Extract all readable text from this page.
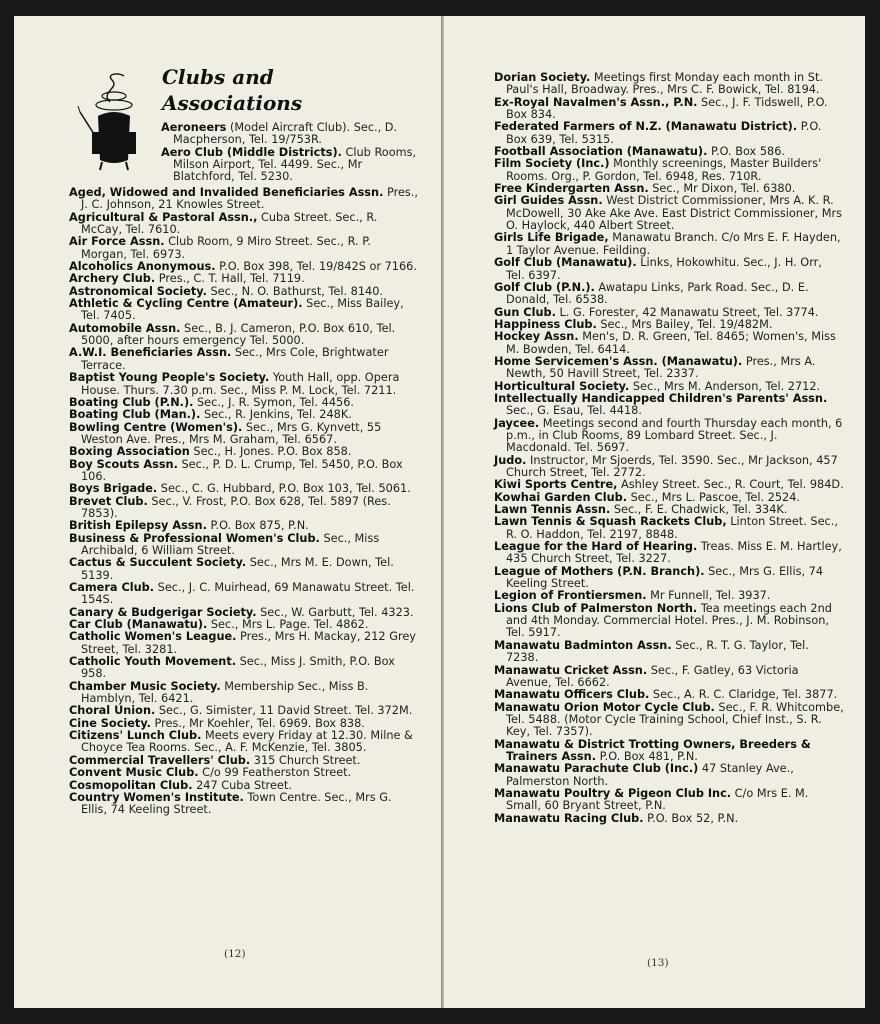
Clubs and
Associations
Aeroneers (Model Aircraft Club). Sec., D. Macpherson, Tel. 19/753R.
Aero Club (Middle Districts). Club Rooms, Milson Airport, Tel. 4499. Sec., Mr Blatchford, Tel. 5230.
Aged, Widowed and Invalided Beneficiaries Assn. Pres., J. C. Johnson, 21 Knowles Street.
Agricultural & Pastoral Assn., Cuba Street. Sec., R. McCay, Tel. 7610.
Air Force Assn. Club Room, 9 Miro Street. Sec., R. P. Morgan, Tel. 6973.
Alcoholics Anonymous. P.O. Box 398, Tel. 19/842S or 7166.
Archery Club. Pres., C. T. Hall, Tel. 7119.
Astronomical Society. Sec., N. O. Bathurst, Tel. 8140.
Athletic & Cycling Centre (Amateur). Sec., Miss Bailey, Tel. 7405.
Automobile Assn. Sec., B. J. Cameron, P.O. Box 610, Tel. 5000, after hours emergency Tel. 5000.
A.W.I. Beneficiaries Assn. Sec., Mrs Cole, Brightwater Terrace.
Baptist Young People's Society. Youth Hall, opp. Opera House. Thurs. 7.30 p.m. Sec., Miss P. M. Lock, Tel. 7211.
Boating Club (P.N.). Sec., J. R. Symon, Tel. 4456.
Boating Club (Man.). Sec., R. Jenkins, Tel. 248K.
Bowling Centre (Women's). Sec., Mrs G. Kynvett, 55 Weston Ave. Pres., Mrs M. Graham, Tel. 6567.
Boxing Association Sec., H. Jones. P.O. Box 858.
Boy Scouts Assn. Sec., P. D. L. Crump, Tel. 5450, P.O. Box 106.
Boys Brigade. Sec., C. G. Hubbard, P.O. Box 103, Tel. 5061.
Brevet Club. Sec., V. Frost, P.O. Box 628, Tel. 5897 (Res. 7853).
British Epilepsy Assn. P.O. Box 875, P.N.
Business & Professional Women's Club. Sec., Miss Archibald, 6 William Street.
Cactus & Succulent Society. Sec., Mrs M. E. Down, Tel. 5139.
Camera Club. Sec., J. C. Muirhead, 69 Manawatu Street. Tel. 154S.
Canary & Budgerigar Society. Sec., W. Garbutt, Tel. 4323.
Car Club (Manawatu). Sec., Mrs L. Page. Tel. 4862.
Catholic Women's League. Pres., Mrs H. Mackay, 212 Grey Street, Tel. 3281.
Catholic Youth Movement. Sec., Miss J. Smith, P.O. Box 958.
Chamber Music Society. Membership Sec., Miss B. Hamblyn, Tel. 6421.
Choral Union. Sec., G. Simister, 11 David Street. Tel. 372M.
Cine Society. Pres., Mr Koehler, Tel. 6969. Box 838.
Citizens' Lunch Club. Meets every Friday at 12.30. Milne & Choyce Tea Rooms. Sec., A. F. McKenzie, Tel. 3805.
Commercial Travellers' Club. 315 Church Street.
Convent Music Club. C/o 99 Featherston Street.
Cosmopolitan Club. 247 Cuba Street.
Country Women's Institute. Town Centre. Sec., Mrs G. Ellis, 74 Keeling Street.
(12)
Dorian Society. Meetings first Monday each month in St. Paul's Hall, Broadway. Pres., Mrs C. F. Bowick, Tel. 8194.
Ex-Royal Navalmen's Assn., P.N. Sec., J. F. Tidswell, P.O. Box 834.
Federated Farmers of N.Z. (Manawatu District). P.O. Box 639, Tel. 5315.
Football Association (Manawatu). P.O. Box 586.
Film Society (Inc.) Monthly screenings, Master Builders' Rooms. Org., P. Gordon, Tel. 6948, Res. 710R.
Free Kindergarten Assn. Sec., Mr Dixon, Tel. 6380.
Girl Guides Assn. West District Commissioner, Mrs A. K. R. McDowell, 30 Ake Ake Ave. East District Commissioner, Mrs O. Haylock, 440 Albert Street.
Girls Life Brigade, Manawatu Branch. C/o Mrs E. F. Hayden, 1 Taylor Avenue. Feilding.
Golf Club (Manawatu). Links, Hokowhitu. Sec., J. H. Orr, Tel. 6397.
Golf Club (P.N.). Awatapu Links, Park Road. Sec., D. E. Donald, Tel. 6538.
Gun Club. L. G. Forester, 42 Manawatu Street, Tel. 3774.
Happiness Club. Sec., Mrs Bailey, Tel. 19/482M.
Hockey Assn. Men's, D. R. Green, Tel. 8465; Women's, Miss M. Bowden, Tel. 6414.
Home Servicemen's Assn. (Manawatu). Pres., Mrs A. Newth, 50 Havill Street, Tel. 2337.
Horticultural Society. Sec., Mrs M. Anderson, Tel. 2712.
Intellectually Handicapped Children's Parents' Assn. Sec., G. Esau, Tel. 4418.
Jaycee. Meetings second and fourth Thursday each month, 6 p.m., in Club Rooms, 89 Lombard Street. Sec., J. Macdonald. Tel. 5697.
Judo. Instructor, Mr Sjoerds, Tel. 3590. Sec., Mr Jackson, 457 Church Street, Tel. 2772.
Kiwi Sports Centre, Ashley Street. Sec., R. Court, Tel. 984D.
Kowhai Garden Club. Sec., Mrs L. Pascoe, Tel. 2524.
Lawn Tennis Assn. Sec., F. E. Chadwick, Tel. 334K.
Lawn Tennis & Squash Rackets Club, Linton Street. Sec., R. O. Haddon, Tel. 2197, 8848.
League for the Hard of Hearing. Treas. Miss E. M. Hartley, 435 Church Street, Tel. 3227.
League of Mothers (P.N. Branch). Sec., Mrs G. Ellis, 74 Keeling Street.
Legion of Frontiersmen. Mr Funnell, Tel. 3937.
Lions Club of Palmerston North. Tea meetings each 2nd and 4th Monday. Commercial Hotel. Pres., J. M. Robinson, Tel. 5917.
Manawatu Badminton Assn. Sec., R. T. G. Taylor, Tel. 7238.
Manawatu Cricket Assn. Sec., F. Gatley, 63 Victoria Avenue, Tel. 6662.
Manawatu Officers Club. Sec., A. R. C. Claridge, Tel. 3877.
Manawatu Orion Motor Cycle Club. Sec., F. R. Whitcombe, Tel. 5488. (Motor Cycle Training School, Chief Inst., S. R. Key, Tel. 7357).
Manawatu & District Trotting Owners, Breeders & Trainers Assn. P.O. Box 481, P.N.
Manawatu Parachute Club (Inc.) 47 Stanley Ave., Palmerston North.
Manawatu Poultry & Pigeon Club Inc. C/o Mrs E. M. Small, 60 Bryant Street, P.N.
Manawatu Racing Club. P.O. Box 52, P.N.
(13)
